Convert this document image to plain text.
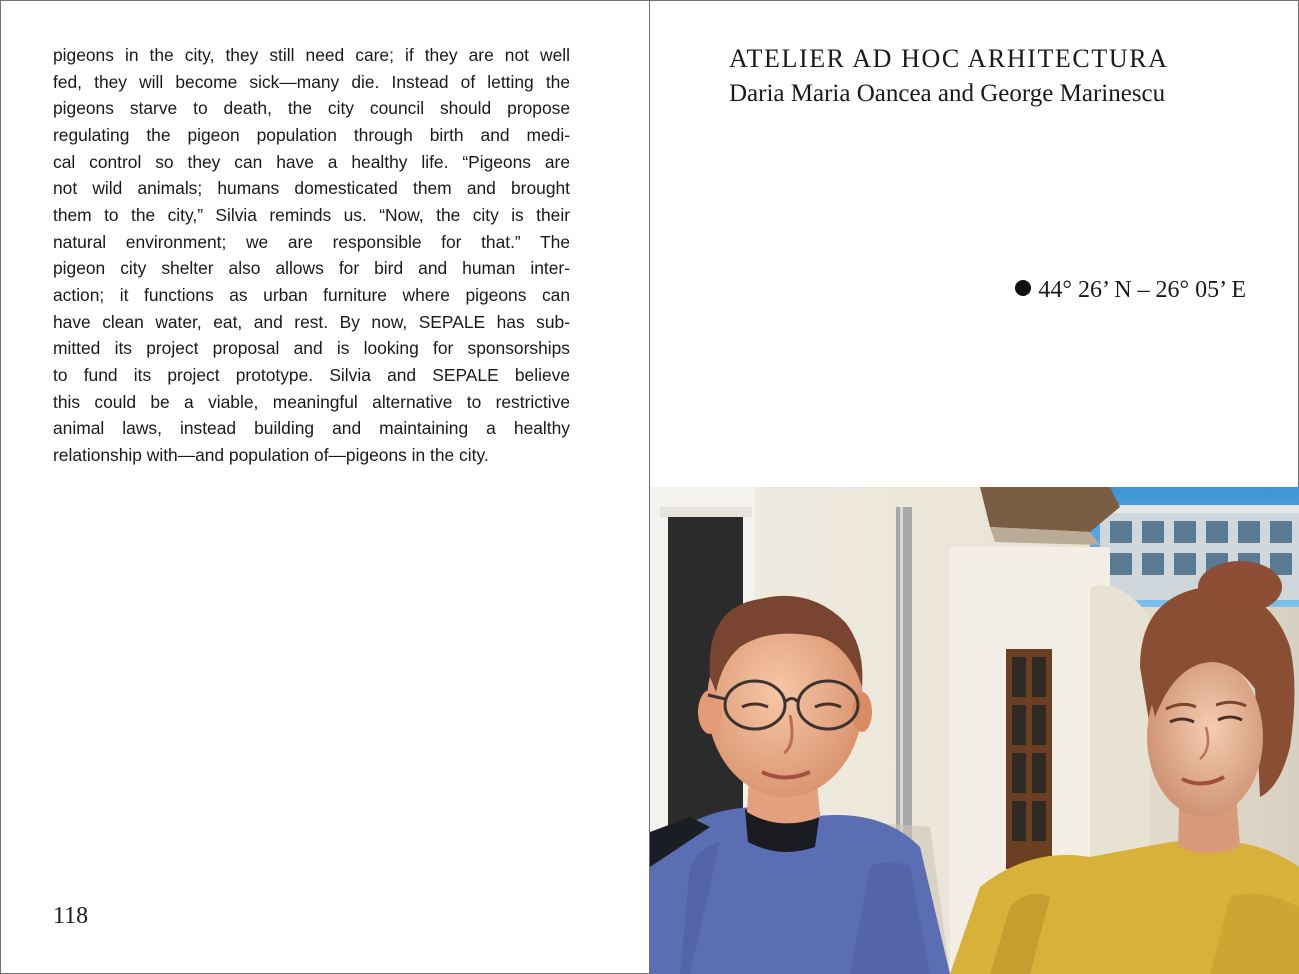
pigeons in the city, they still need care; if they are not well
fed, they will become sick—many die. Instead of letting the
pigeons starve to death, the city council should propose
regulating the pigeon population through birth and medi-
cal control so they can have a healthy life. “Pigeons are
not wild animals; humans domesticated them and brought
them to the city,” Silvia reminds us. “Now, the city is their
natural environment; we are responsible for that.” The
pigeon city shelter also allows for bird and human inter-
action; it functions as urban furniture where pigeons can
have clean water, eat, and rest. By now, SEPALE has sub-
mitted its project proposal and is looking for sponsorships
to fund its project prototype. Silvia and SEPALE believe
this could be a viable, meaningful alternative to restrictive
animal laws, instead building and maintaining a healthy
relationship with—and population of—pigeons in the city.
118
ATELIER AD HOC ARHITECTURA
Daria Maria Oancea and George Marinescu
44° 26’ N – 26° 05’ E
